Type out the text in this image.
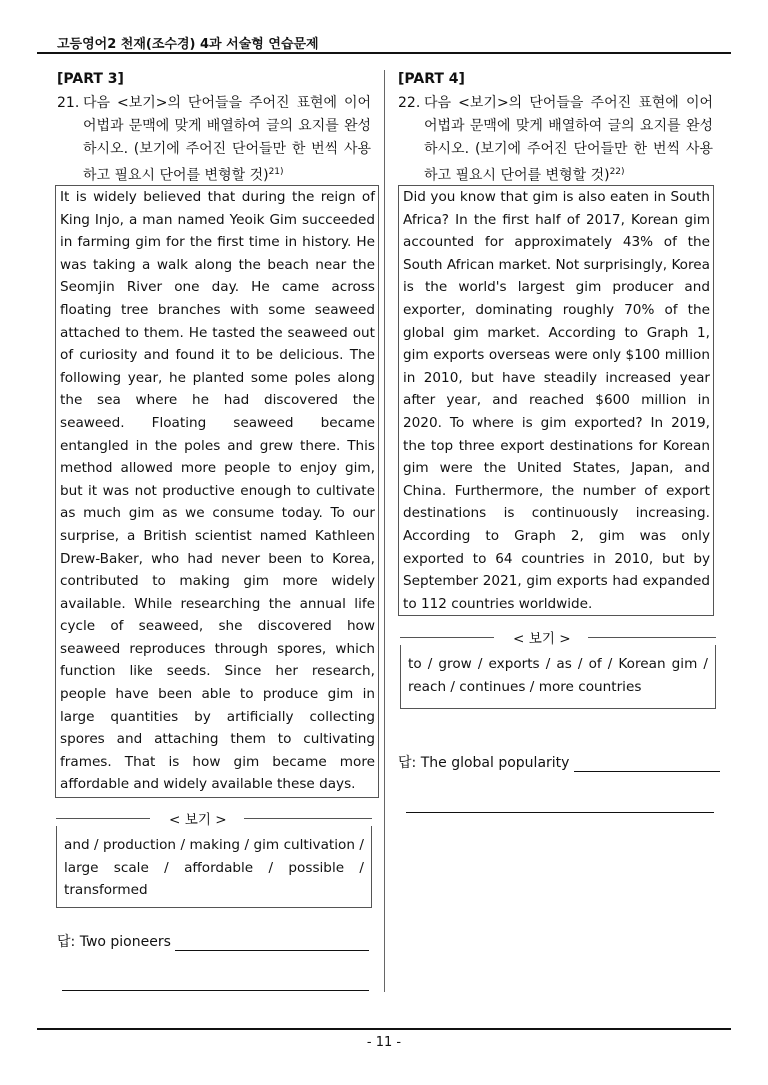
고등영어2 천재(조수경) 4과 서술형 연습문제
[PART 3]
21. 다음 <보기>의 단어들을 주어진 표현에 이어 어법과 문맥에 맞게 배열하여 글의 요지를 완성하시오. (보기에 주어진 단어들만 한 번씩 사용하고 필요시 단어를 변형할 것)$^{21)}$

It is widely believed that during the reign of King Injo, a man named Yeoik Gim succeeded in farming gim for the first time in history. He was taking a walk along the beach near the Seomjin River one day. He came across floating tree branches with some seaweed attached to them. He tasted the seaweed out of curiosity and found it to be delicious. The following year, he planted some poles along the sea where he had discovered the seaweed. Floating seaweed became entangled in the poles and grew there. This method allowed more people to enjoy gim, but it was not productive enough to cultivate as much gim as we consume today. To our surprise, a British scientist named Kathleen Drew-Baker, who had never been to Korea, contributed to making gim more widely available. While researching the annual life cycle of seaweed, she discovered how seaweed reproduces through spores, which function like seeds. Since her research, people have been able to produce gim in large quantities by artificially collecting spores and attaching them to cultivating frames. That is how gim became more affordable and widely available these days.

< 보기 >
and / production / making / gim cultivation / large scale / affordable / possible / transformed
답: Two pioneers
[PART 4]
22. 다음 <보기>의 단어들을 주어진 표현에 이어 어법과 문맥에 맞게 배열하여 글의 요지를 완성하시오. (보기에 주어진 단어들만 한 번씩 사용하고 필요시 단어를 변형할 것)$^{22)}$

Did you know that gim is also eaten in South Africa? In the first half of 2017, Korean gim accounted for approximately 43% of the South African market. Not surprisingly, Korea is the world's largest gim producer and exporter, dominating roughly 70% of the global gim market. According to Graph 1, gim exports overseas were only $100 million in 2010, but have steadily increased year after year, and reached $600 million in 2020. To where is gim exported? In 2019, the top three export destinations for Korean gim were the United States, Japan, and China. Furthermore, the number of export destinations is continuously increasing. According to Graph 2, gim was only exported to 64 countries in 2010, but by September 2021, gim exports had expanded to 112 countries worldwide.

< 보기 >
to / grow / exports / as / of / Korean gim / reach / continues / more countries
답: The global popularity
- 11 -
